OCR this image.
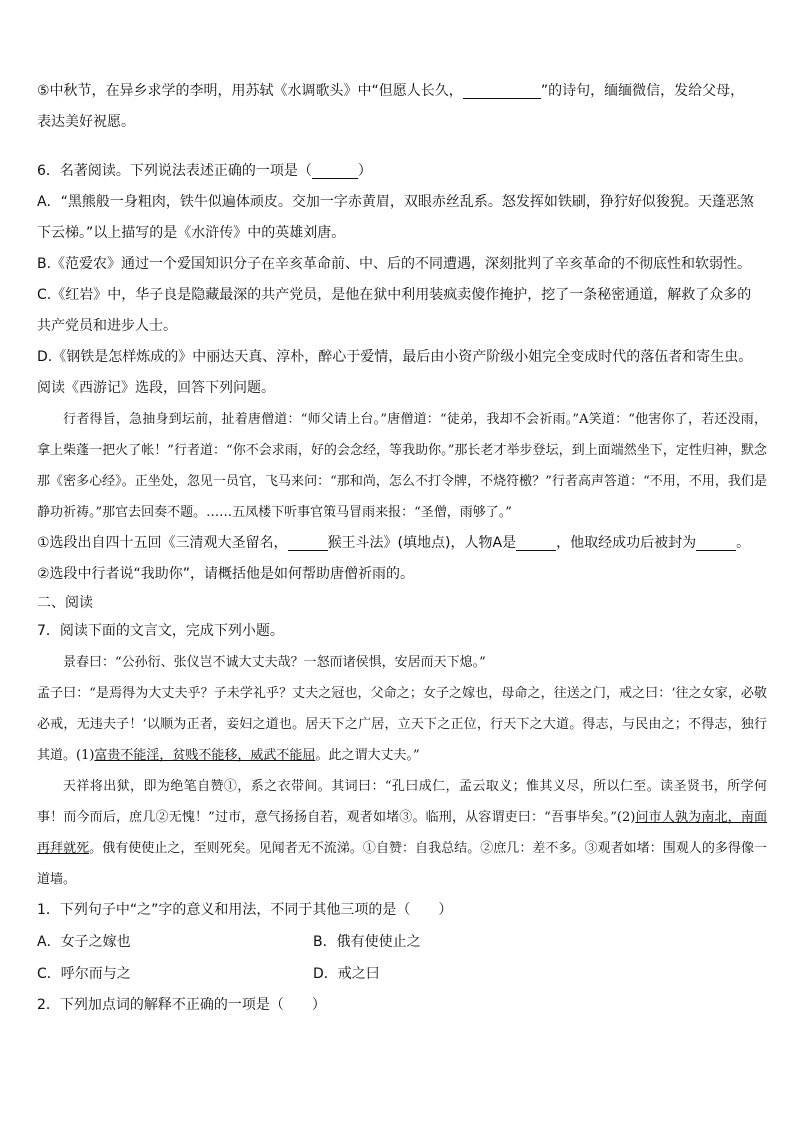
⑤中秋节，在异乡求学的李明，用苏轼《水调歌头》中“但愿人长久，	”的诗句，缅缅微信，发给父母，

表达美好祝愿。

6．名著阅读。下列说法表述正确的一项是（	）

A．“黑熊般一身粗肉，铁牛似遍体顽皮。交加一字赤黄眉，双眼赤丝乱系。怒发挥如铁刷，狰狞好似狻猊。天蓬恶煞

下云梯。”以上描写的是《水浒传》中的英雄刘唐。

B.《范爱农》通过一个爱国知识分子在辛亥革命前、中、后的不同遭遇，深刻批判了辛亥革命的不彻底性和软弱性。

C.《红岩》中，华子良是隐藏最深的共产党员，是他在狱中利用装疯卖傻作掩护，挖了一条秘密通道，解救了众多的

共产党员和进步人士。

D.《钢铁是怎样炼成的》中丽达天真、淳朴，醉心于爱情，最后由小资产阶级小姐完全变成时代的落伍者和寄生虫。

阅读《西游记》选段，回答下列问题。

行者得旨，急抽身到坛前，扯着唐僧道：“师父请上台。”唐僧道：“徒弟，我却不会祈雨。”A笑道：“他害你了，若还没雨，拿上柴蓬一把火了帐！”行者道：“你不会求雨，好的会念经，等我助你。”那长老才举步登坛，到上面端然坐下，定性归神，默念那《密多心经》。正坐处，忽见一员官，飞马来问：“那和尚，怎么不打令牌，不烧符檄？”行者高声答道：“不用，不用，我们是静功祈祷。”那官去回奏不题。……五凤楼下听事官策马冒雨来报：“圣僧，雨够了。”

①选段出自四十五回《三清观大圣留名，	猴王斗法》(填地点)，人物A是	，他取经成功后被封为	。

②选段中行者说“我助你”，请概括他是如何帮助唐僧祈雨的。

二、阅读

7．阅读下面的文言文，完成下列小题。

景春曰：“公孙衍、张仪岂不诚大丈夫哉？一怒而诸侯惧，安居而天下熄。”

孟子曰：“是焉得为大丈夫乎？子未学礼乎？丈夫之冠也，父命之；女子之嫁也，母命之，往送之门，戒之曰：‘往之女家，必敬必戒，无违夫子！’以顺为正者，妾妇之道也。居天下之广居，立天下之正位，行天下之大道。得志，与民由之；不得志，独行其道。(1)富贵不能淫，贫贱不能移，威武不能屈。此之谓大丈夫。”

天祥将出狱，即为绝笔自赞①，系之衣带间。其词曰：“孔曰成仁，孟云取义；惟其义尽，所以仁至。读圣贤书，所学何事！而今而后，庶几②无愧！”过市，意气扬扬自若，观者如堵③。临刑，从容谓吏曰：“吾事毕矣。”(2)问市人孰为南北，南面再拜就死。俄有使使止之，至则死矣。见闻者无不流涕。①自赞：自我总结。②庶几：差不多。③观者如堵：围观人的多得像一道墙。

1．下列句子中“之”字的意义和用法，不同于其他三项的是（　　）

A．女子之嫁也	B．俄有使使止之
C．呼尔而与之	D．戒之曰

2．下列加点词的解释不正确的一项是（　　）
